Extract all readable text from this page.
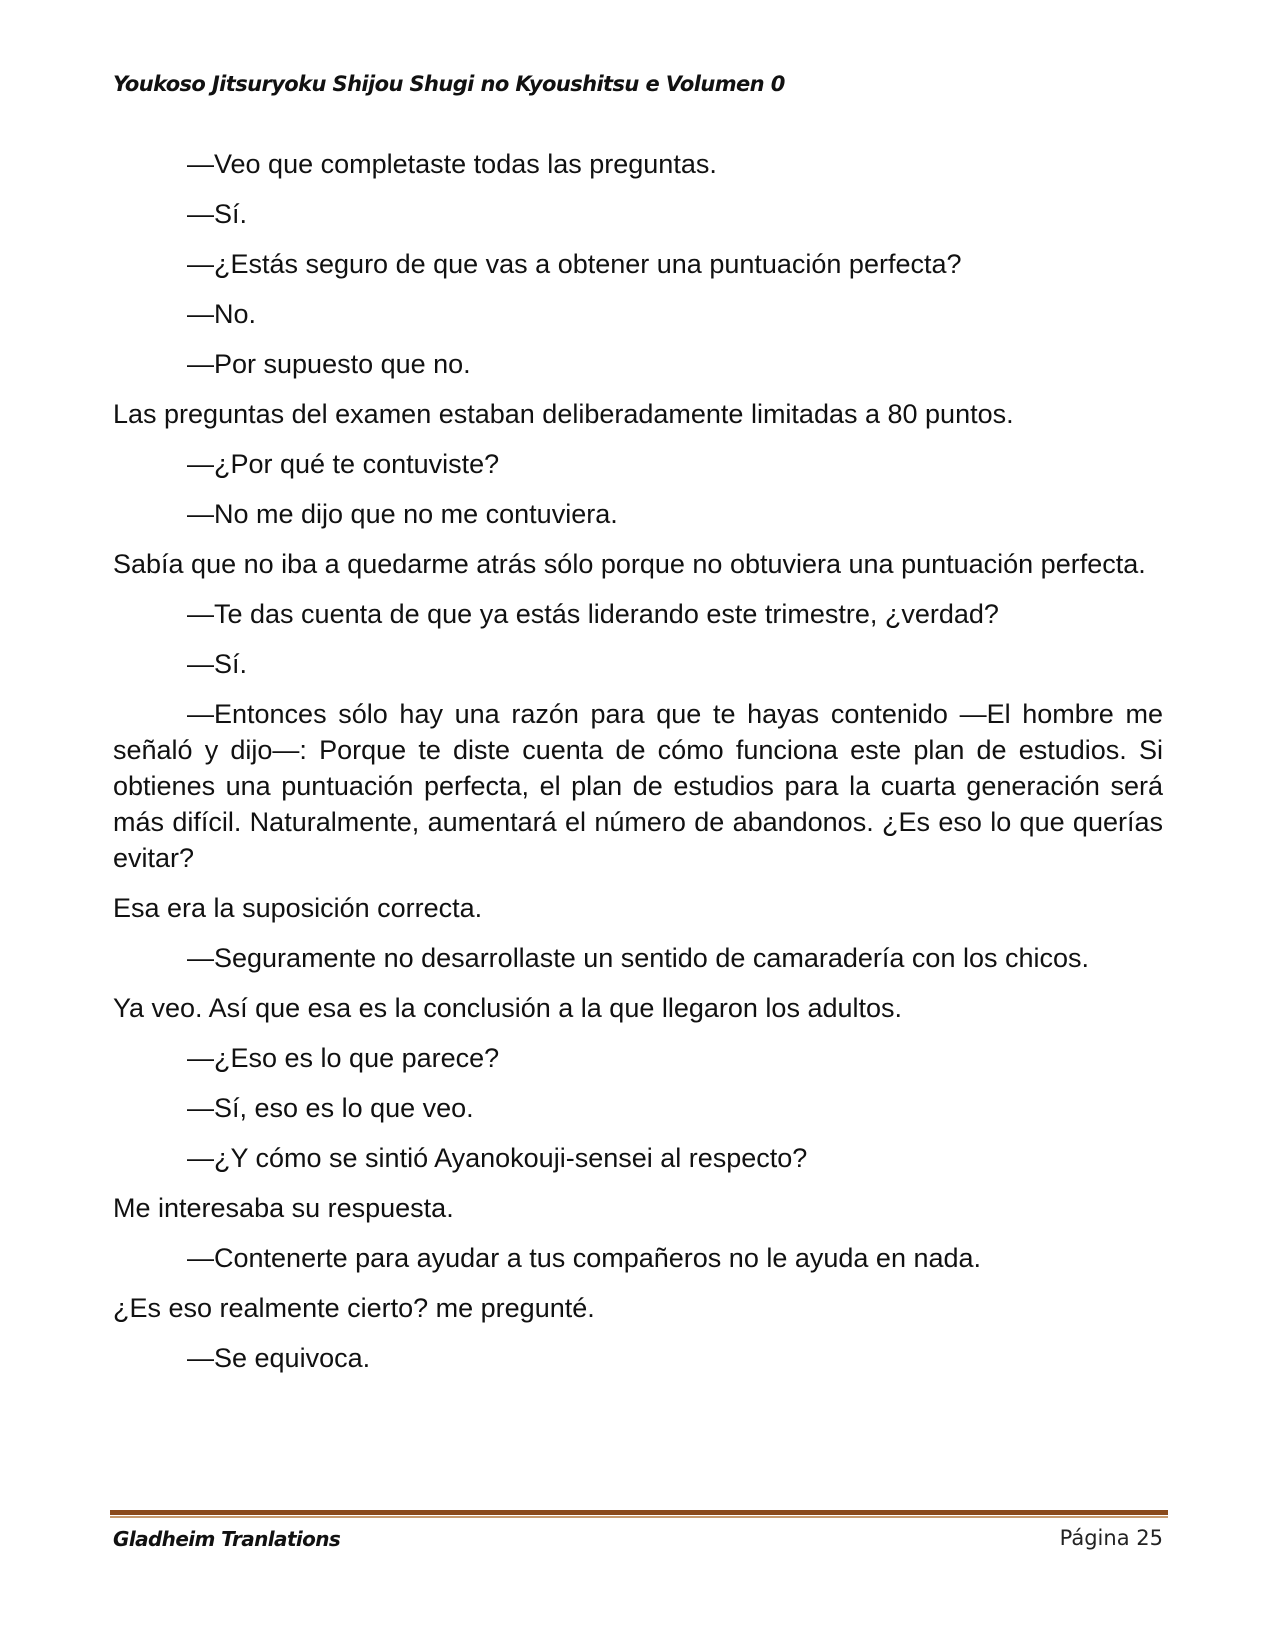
Youkoso Jitsuryoku Shijou Shugi no Kyoushitsu e Volumen 0

—Veo que completaste todas las preguntas.

—Sí.

—¿Estás seguro de que vas a obtener una puntuación perfecta?

—No.

—Por supuesto que no.

Las preguntas del examen estaban deliberadamente limitadas a 80 puntos.

—¿Por qué te contuviste?

—No me dijo que no me contuviera.

Sabía que no iba a quedarme atrás sólo porque no obtuviera una puntuación perfecta.

—Te das cuenta de que ya estás liderando este trimestre, ¿verdad?

—Sí.

—Entonces sólo hay una razón para que te hayas contenido —El hombre me señaló y dijo—: Porque te diste cuenta de cómo funciona este plan de estudios. Si obtienes una puntuación perfecta, el plan de estudios para la cuarta generación será más difícil. Naturalmente, aumentará el número de abandonos. ¿Es eso lo que querías evitar?

Esa era la suposición correcta.

—Seguramente no desarrollaste un sentido de camaradería con los chicos.

Ya veo. Así que esa es la conclusión a la que llegaron los adultos.

—¿Eso es lo que parece?

—Sí, eso es lo que veo.

—¿Y cómo se sintió Ayanokouji-sensei al respecto?

Me interesaba su respuesta.

—Contenerte para ayudar a tus compañeros no le ayuda en nada.

¿Es eso realmente cierto? me pregunté.

—Se equivoca.

Gladheim Tranlations	Página 25
